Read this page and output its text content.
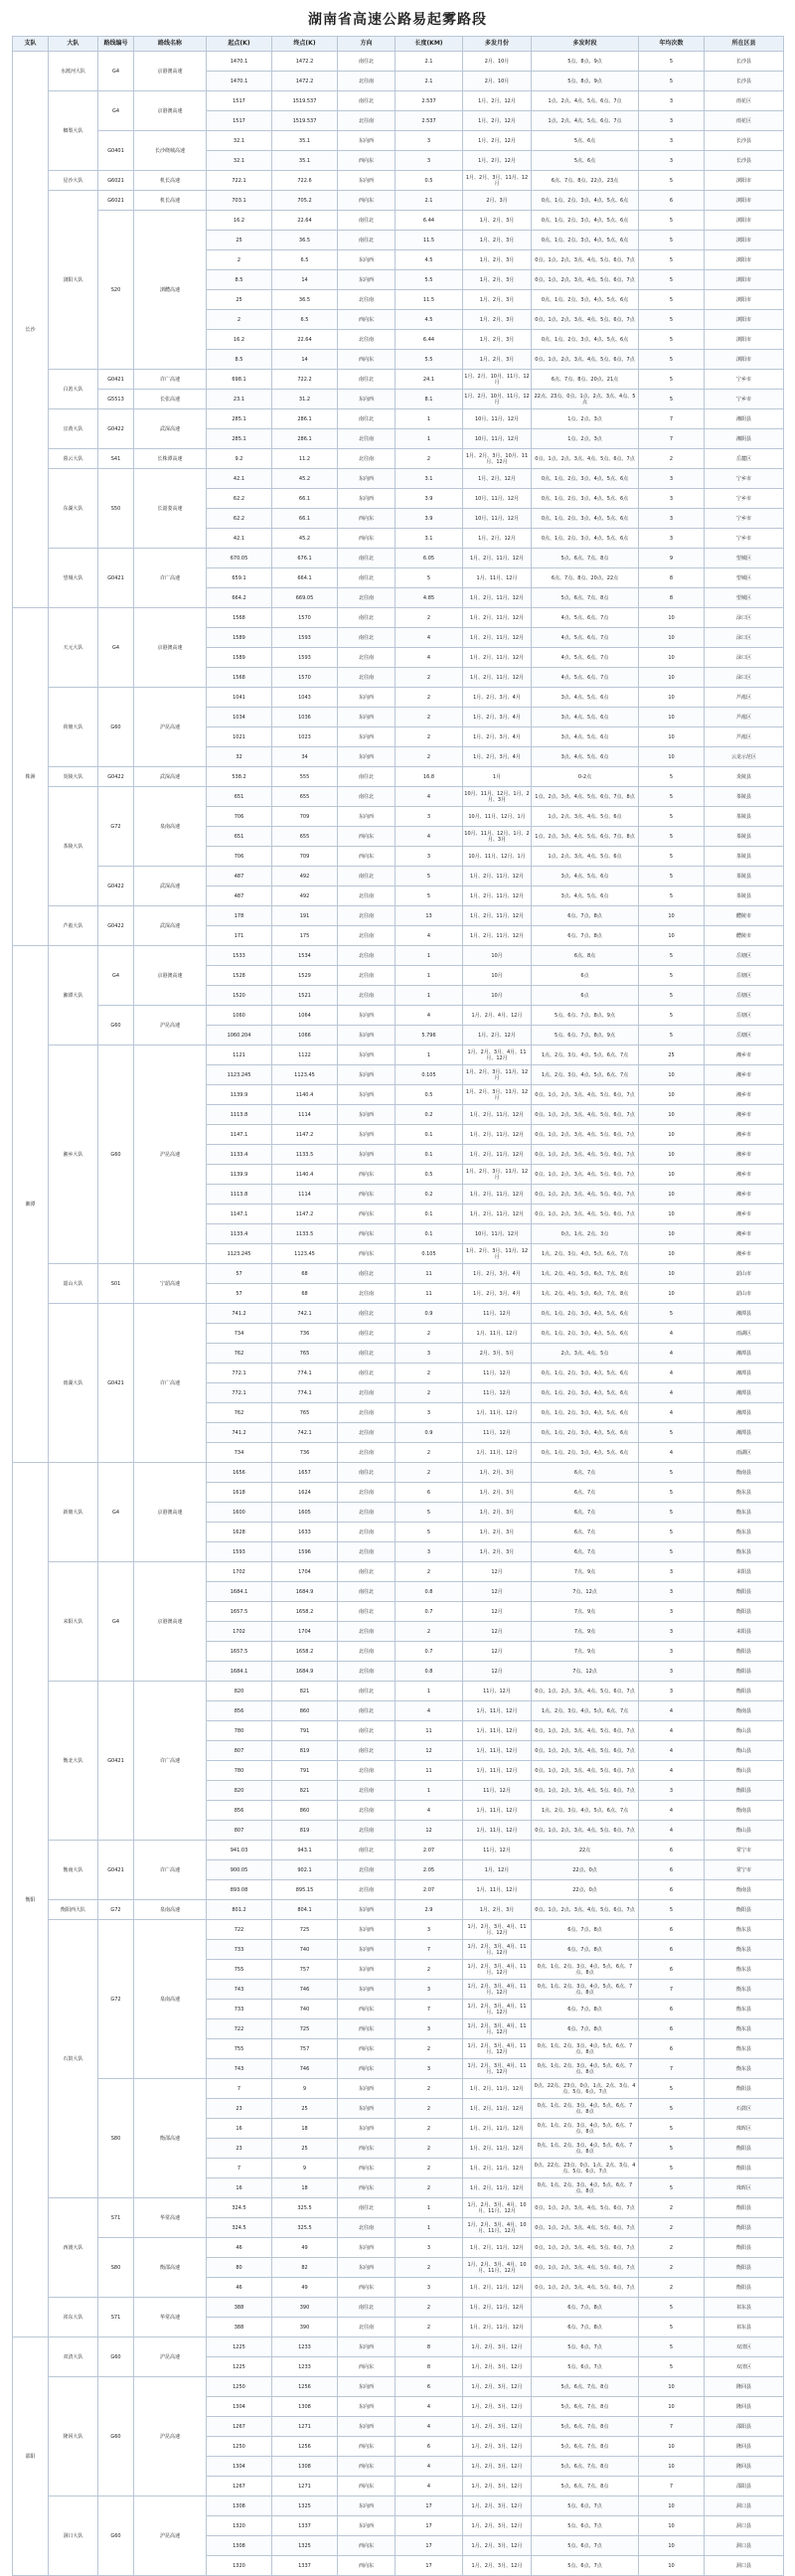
湖南省高速公路易起雾路段
支队	大队	路线编号	路线名称	起点(K)	终点(K)	方向	长度(KM)	多发月份	多发时段	年均次数	所在区县
长沙	水渡河大队	G4	京港澳高速	1470.1	1472.2	南往北	2.1	2月、10月	5点、8点、9点	5	长沙县
				1470.1	1472.2	北往南	2.1	2月、10月	5点、8点、9点	5	长沙县
	榔梨大队	G4	京港澳高速	1517	1519.537	南往北	2.537	1月、2月、12月	1点、2点、4点、5点、6点、7点	3	雨花区
				1517	1519.537	北往南	2.537	1月、2月、12月	1点、2点、4点、5点、6点、7点	3	雨花区
		G0401	长沙绕城高速	32.1	35.1	东向西	3	1月、2月、12月	5点、6点	3	长沙县
				32.1	35.1	西向东	3	1月、2月、12月	5点、6点	3	长沙县
	星沙大队	G6021	机长高速	722.1	722.6	东向西	0.5	1月、2月、3月、11月、12月	6点、7点、8点、22点、23点	5	浏阳市
	浏阳大队	G6021	机长高速	703.1	705.2	西向东	2.1	2月、3月	0点、1点、2点、3点、4点、5点、6点	6	浏阳市
		S20	浏醴高速	16.2	22.64	南往北	6.44	1月、2月、3月	0点、1点、2点、3点、4点、5点、6点	5	浏阳市
				25	36.5	南往北	11.5	1月、2月、3月	0点、1点、2点、3点、4点、5点、6点	5	浏阳市
				2	6.5	东向西	4.5	1月、2月、3月	0点、1点、2点、3点、4点、5点、6点、7点	5	浏阳市
				8.5	14	东向西	5.5	1月、2月、3月	0点、1点、2点、3点、4点、5点、6点、7点	5	浏阳市
				25	36.5	北往南	11.5	1月、2月、3月	0点、1点、2点、3点、4点、5点、6点	5	浏阳市
				2	6.5	西向东	4.5	1月、2月、3月	0点、1点、2点、3点、4点、5点、6点、7点	5	浏阳市
				16.2	22.64	北往南	6.44	1月、2月、3月	0点、1点、2点、3点、4点、5点、6点	5	浏阳市
				8.5	14	西向东	5.5	1月、2月、3月	0点、1点、2点、3点、4点、5点、6点、7点	5	浏阳市
	白箬大队	G0421	许广高速	698.1	722.2	南往北	24.1	1月、2月、10月、11月、12月	6点、7点、8点、20点、21点	5	宁乡市
		G5513	长张高速	23.1	31.2	东向西	8.1	1月、2月、10月、11月、12月	22点、23点、0点、1点、2点、3点、4点、5点	5	宁乡市
	宜黄大队	G0422	武深高速	285.1	286.1	南往北	1	10月、11月、12月	1点、2点、3点	7	湘阴县
				285.1	286.1	北往南	1	10月、11月、12月	1点、2点、3点	7	湘阴县
	暮云大队	S41	长株潭高速	9.2	11.2	北往南	2	1月、2月、3月、10月、11月、12月	0点、1点、2点、3点、4点、5点、6点、7点	2	岳麓区
	东湖大队	S50	长韶娄高速	42.1	45.2	东向西	3.1	1月、2月、12月	0点、1点、2点、3点、4点、5点、6点	3	宁乡市
				62.2	66.1	东向西	3.9	10月、11月、12月	0点、1点、2点、3点、4点、5点、6点	3	宁乡市
				62.2	66.1	西向东	3.9	10月、11月、12月	0点、1点、2点、3点、4点、5点、6点	3	宁乡市
				42.1	45.2	西向东	3.1	1月、2月、12月	0点、1点、2点、3点、4点、5点、6点	3	宁乡市
	望城大队	G0421	许广高速	670.05	676.1	南往北	6.05	1月、2月、11月、12月	5点、6点、7点、8点	9	望城区
				659.1	664.1	南往北	5	1月、11月、12月	6点、7点、8点、20点、22点	8	望城区
				664.2	669.05	北往南	4.85	1月、2月、11月、12月	5点、6点、7点、8点	8	望城区
株洲	天元大队	G4	京港澳高速	1568	1570	南往北	2	1月、2月、11月、12月	4点、5点、6点、7点	10	渌口区
				1589	1593	南往北	4	1月、2月、11月、12月	4点、5点、6点、7点	10	渌口区
				1589	1593	北往南	4	1月、2月、11月、12月	4点、5点、6点、7点	10	渌口区
				1568	1570	北往南	2	1月、2月、11月、12月	4点、5点、6点、7点	10	渌口区
	荷塘大队	G60	沪昆高速	1041	1043	东向西	2	1月、2月、3月、4月	3点、4点、5点、6点	10	芦淞区
				1034	1036	东向西	2	1月、2月、3月、4月	3点、4点、5点、6点	10	芦淞区
				1021	1023	东向西	2	1月、2月、3月、4月	3点、4点、5点、6点	10	芦淞区
				32	34	东向西	2	1月、2月、3月、4月	3点、4点、5点、6点	10	云龙示范区
	炎陵大队	G0422	武深高速	538.2	555	南往北	16.8	1月	0-2点	5	炎陵县
	茶陵大队	G72	泉南高速	651	655	南往北	4	10月、11月、12月、1月、2月、3月	1点、2点、3点、4点、5点、6点、7点、8点	5	茶陵县
				706	709	东向西	3	10月、11月、12月、1月	1点、2点、3点、4点、5点、6点	5	茶陵县
				651	655	西向东	4	10月、11月、12月、1月、2月、3月	1点、2点、3点、4点、5点、6点、7点、8点	5	茶陵县
				706	709	西向东	3	10月、11月、12月、1月	1点、2点、3点、4点、5点、6点	5	茶陵县
		G0422	武深高速	487	492	南往北	5	1月、2月、11月、12月	3点、4点、5点、6点	5	茶陵县
				487	492	北往南	5	1月、2月、11月、12月	3点、4点、5点、6点	5	茶陵县
	芦淞大队	G0422	武深高速	178	191	北往南	13	1月、2月、11月、12月	6点、7点、8点	10	醴陵市
				171	175	北往南	4	1月、2月、11月、12月	6点、7点、8点	10	醴陵市
湘潭	湘潭大队	G4	京港澳高速	1533	1534	北往南	1	10月	6点、8点	5	岳塘区
				1528	1529	北往南	1	10月	6点	5	岳塘区
				1520	1521	北往南	1	10月	6点	5	岳塘区
		G60	沪昆高速	1060	1064	东向西	4	1月、2月、4月、12月	5点、6点、7点、8点、9点	5	岳塘区
				1060.204	1066	东向西	5.796	1月、2月、12月	5点、6点、7点、8点、9点	5	岳塘区
	湘乡大队	G60	沪昆高速	1121	1122	东向西	1	1月、2月、3月、4月、11月、12月	1点、2点、3点、4点、5点、6点、7点	25	湘乡市
				1123.245	1123.45	东向西	0.105	1月、2月、3月、11月、12月	1点、2点、3点、4点、5点、6点、7点	10	湘乡市
				1139.9	1140.4	东向西	0.5	1月、2月、3月、11月、12月	0点、1点、2点、3点、4点、5点、6点、7点	10	湘乡市
				1113.8	1114	东向西	0.2	1月、2月、11月、12月	0点、1点、2点、3点、4点、5点、6点、7点	10	湘乡市
				1147.1	1147.2	东向西	0.1	1月、2月、11月、12月	0点、1点、2点、3点、4点、5点、6点、7点	10	湘乡市
				1133.4	1133.5	东向西	0.1	1月、2月、11月、12月	0点、1点、2点、3点、4点、5点、6点、7点	10	湘乡市
				1139.9	1140.4	西向东	0.5	1月、2月、3月、11月、12月	0点、1点、2点、3点、4点、5点、6点、7点	10	湘乡市
				1113.8	1114	西向东	0.2	1月、2月、11月、12月	0点、1点、2点、3点、4点、5点、6点、7点	10	湘乡市
				1147.1	1147.2	西向东	0.1	1月、2月、11月、12月	0点、1点、2点、3点、4点、5点、6点、7点	10	湘乡市
				1133.4	1133.5	西向东	0.1	10月、11月、12月	0点、1点、2点、3点	10	湘乡市
				1123.245	1123.45	西向东	0.105	1月、2月、3月、11月、12月	1点、2点、3点、4点、5点、6点、7点	10	湘乡市
	韶山大队	S01	宁韶高速	57	68	南往北	11	1月、2月、3月、4月	1点、2点、4点、5点、6点、7点、8点	10	韶山市
				57	68	北往南	11	1月、2月、3月、4月	1点、2点、4点、5点、6点、7点、8点	10	韶山市
	雨湖大队	G0421	许广高速	741.2	742.1	南往北	0.9	11月、12月	0点、1点、2点、3点、4点、5点、6点	5	湘潭县
				734	736	南往北	2	1月、11月、12月	0点、1点、2点、3点、4点、5点、6点	4	雨湖区
				762	765	南往北	3	2月、3月、5月	2点、3点、4点、5点	4	湘潭县
				772.1	774.1	南往北	2	11月、12月	0点、1点、2点、3点、4点、5点、6点	4	湘潭县
				772.1	774.1	北往南	2	11月、12月	0点、1点、2点、3点、4点、5点、6点	4	湘潭县
				762	765	北往南	3	1月、11月、12月	0点、1点、2点、3点、4点、5点、6点	4	湘潭县
				741.2	742.1	北往南	0.9	11月、12月	0点、1点、2点、3点、4点、5点、6点	5	湘潭县
				734	736	北往南	2	1月、11月、12月	0点、1点、2点、3点、4点、5点、6点	4	雨湖区
衡阳	新塘大队	G4	京港澳高速	1656	1657	南往北	2	1月、2月、3月	6点、7点	5	衡南县
				1618	1624	北往南	6	1月、2月、3月	6点、7点	5	衡东县
				1600	1605	北往南	5	1月、2月、3月	6点、7点	5	衡东县
				1628	1633	北往南	5	1月、2月、3月	6点、7点	5	衡东县
				1593	1596	北往南	3	1月、2月、3月	6点、7点	5	衡东县
	耒阳大队	G4	京港澳高速	1702	1704	南往北	2	12月	7点、9点	3	耒阳县
				1684.1	1684.9	南往北	0.8	12月	7点、12点	3	衡阳县
				1657.5	1658.2	南往北	0.7	12月	7点、9点	3	衡阳县
				1702	1704	北往南	2	12月	7点、9点	3	耒阳县
				1657.5	1658.2	北往南	0.7	12月	7点、9点	3	衡阳县
				1684.1	1684.9	北往南	0.8	12月	7点、12点	3	衡阳县
	衡北大队	G0421	许广高速	820	821	南往北	1	11月、12月	0点、1点、2点、3点、4点、5点、6点、7点	3	衡阳县
				856	860	南往北	4	1月、11月、12月	1点、2点、3点、4点、5点、6点、7点	4	衡南县
				780	791	南往北	11	1月、11月、12月	0点、1点、2点、3点、4点、5点、6点、7点	4	衡山县
				807	819	南往北	12	1月、11月、12月	0点、1点、2点、3点、4点、5点、6点、7点	4	衡山县
				780	791	北往南	11	1月、11月、12月	0点、1点、2点、3点、4点、5点、6点、7点	4	衡山县
				820	821	北往南	1	11月、12月	0点、1点、2点、3点、4点、5点、6点、7点	3	衡阳县
				856	860	北往南	4	1月、11月、12月	1点、2点、3点、4点、5点、6点、7点	4	衡南县
				807	819	北往南	12	1月、11月、12月	0点、1点、2点、3点、4点、5点、6点、7点	4	衡山县
	衡南大队	G0421	许广高速	941.03	943.1	南往北	2.07	11月、12月	22点	6	常宁市
				900.05	902.1	北往南	2.05	1月、12月	22点、0点	6	常宁市
				893.08	895.15	北往南	2.07	1月、11月、12月	22点、0点	6	衡南县
	衡阳西大队	G72	泉南高速	801.2	804.1	东向西	2.9	1月、2月、3月	0点、1点、2点、3点、4点、5点、6点、7点	5	衡阳县
	石鼓大队	G72	泉南高速	722	725	东向西	3	1月、2月、3月、4月、11月、12月	6点、7点、8点	6	衡东县
				733	740	东向西	7	1月、2月、3月、4月、11月、12月	6点、7点、8点	6	衡东县
				755	757	东向西	2	1月、2月、3月、4月、11月、12月	0点、1点、2点、3点、4点、5点、6点、7点、8点	6	衡东县
				743	746	东向西	3	1月、2月、3月、4月、11月、12月	0点、1点、2点、3点、4点、5点、6点、7点、8点	7	衡东县
				733	740	西向东	7	1月、2月、3月、4月、11月、12月	6点、7点、8点	6	衡东县
				722	725	西向东	3	1月、2月、3月、4月、11月、12月	6点、7点、8点	6	衡东县
				755	757	西向东	2	1月、2月、3月、4月、11月、12月	0点、1点、2点、3点、4点、5点、6点、7点、8点	6	衡东县
				743	746	西向东	3	1月、2月、3月、4月、11月、12月	0点、1点、2点、3点、4点、5点、6点、7点、8点	7	衡东县
		S80	衡邵高速	7	9	东向西	2	1月、2月、11月、12月	0点、22点、23点、0点、1点、2点、3点、4点、5点、6点、7点	5	衡阳县
				23	25	东向西	2	1月、2月、11月、12月	0点、1点、2点、3点、4点、5点、6点、7点、8点	5	石鼓区
				16	18	东向西	2	1月、2月、11月、12月	0点、1点、2点、3点、4点、5点、6点、7点、8点	5	珠晖区
				23	25	西向东	2	1月、2月、11月、12月	0点、1点、2点、3点、4点、5点、6点、7点、8点	5	衡阳县
				7	9	西向东	2	1月、2月、11月、12月	0点、22点、23点、0点、1点、2点、3点、4点、5点、6点、7点	5	衡阳县
				16	18	西向东	2	1月、2月、11月、12月	0点、1点、2点、3点、4点、5点、6点、7点、8点	5	珠晖区
	西渡大队	S71	华常高速	324.5	325.5	南往北	1	1月、2月、3月、4月、10月、11月、12月	0点、1点、2点、3点、4点、5点、6点、7点	2	衡阳县
				324.5	325.5	北往南	1	1月、2月、3月、4月、10月、11月、12月	0点、1点、2点、3点、4点、5点、6点、7点	2	衡阳县
		S80	衡邵高速	46	49	东向西	3	1月、2月、11月、12月	0点、1点、2点、3点、4点、5点、6点、7点	2	衡阳县
				80	82	东向西	2	1月、2月、3月、4月、10月、11月、12月	0点、1点、2点、3点、4点、5点、6点、7点	2	衡阳县
				46	49	西向东	3	1月、2月、11月、12月	0点、1点、2点、3点、4点、5点、6点、7点	2	衡阳县
	祁东大队	S71	华常高速	388	390	南往北	2	1月、2月、11月、12月	6点、7点、8点	5	祁东县
				388	390	北往南	2	1月、2月、11月、12月	6点、7点、8点	5	祁东县
邵阳	双清大队	G60	沪昆高速	1225	1233	东向西	8	1月、2月、3月、12月	5点、6点、7点	5	双清区
				1225	1233	西向东	8	1月、2月、3月、12月	5点、6点、7点	5	双清区
	隆回大队	G60	沪昆高速	1250	1256	东向西	6	1月、2月、3月、12月	5点、6点、7点、8点	10	隆回县
				1304	1308	东向西	4	1月、2月、3月、12月	5点、6点、7点、8点	10	隆回县
				1267	1271	东向西	4	1月、2月、3月、12月	5点、6点、7点、8点	7	邵阳县
				1250	1256	西向东	6	1月、2月、3月、12月	5点、6点、7点、8点	10	隆回县
				1304	1308	西向东	4	1月、2月、3月、12月	5点、6点、7点、8点	10	隆回县
				1267	1271	西向东	4	1月、2月、3月、12月	5点、6点、7点、8点	7	邵阳县
	洞口大队	G60	沪昆高速	1308	1325	东向西	17	1月、2月、3月、12月	5点、6点、7点	10	洞口县
				1320	1337	东向西	17	1月、2月、3月、12月	5点、6点、7点	10	洞口县
				1308	1325	西向东	17	1月、2月、3月、12月	5点、6点、7点	10	洞口县
				1320	1337	西向东	17	1月、2月、3月、12月	5点、6点、7点	10	洞口县
